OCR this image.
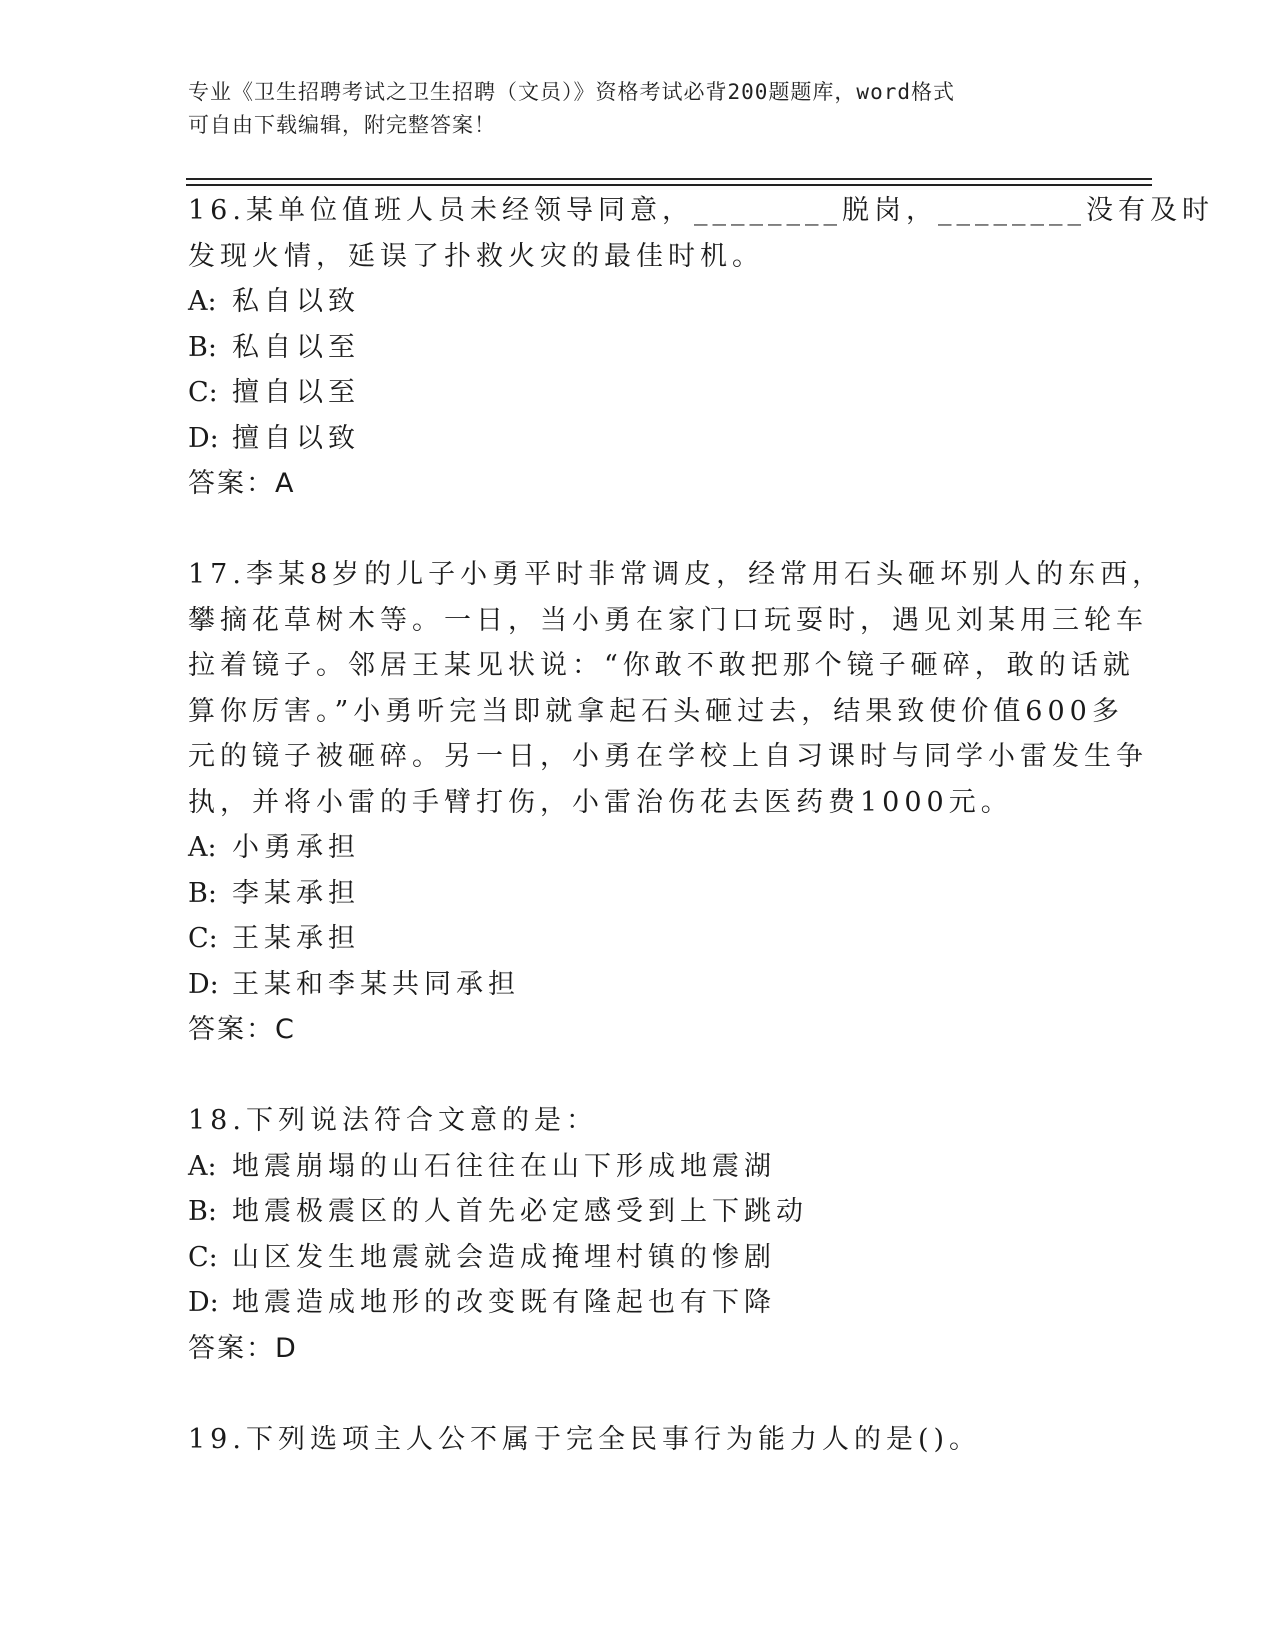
专业《卫生招聘考试之卫生招聘（文员）》资格考试必背200题题库，word格式
可自由下载编辑，附完整答案！
16.某单位值班人员未经领导同意，________脱岗，________没有及时
发现火情，延误了扑救火灾的最佳时机。
A: 私自以致
B: 私自以至
C: 擅自以至
D: 擅自以致
答案：A
17.李某8岁的儿子小勇平时非常调皮，经常用石头砸坏别人的东西，
攀摘花草树木等。一日，当小勇在家门口玩耍时，遇见刘某用三轮车
拉着镜子。邻居王某见状说：“你敢不敢把那个镜子砸碎，敢的话就
算你厉害。”小勇听完当即就拿起石头砸过去，结果致使价值600多
元的镜子被砸碎。另一日，小勇在学校上自习课时与同学小雷发生争
执，并将小雷的手臂打伤，小雷治伤花去医药费1000元。
A: 小勇承担
B: 李某承担
C: 王某承担
D: 王某和李某共同承担
答案：C
18.下列说法符合文意的是：
A: 地震崩塌的山石往往在山下形成地震湖
B: 地震极震区的人首先必定感受到上下跳动
C: 山区发生地震就会造成掩埋村镇的惨剧
D: 地震造成地形的改变既有隆起也有下降
答案：D
19.下列选项主人公不属于完全民事行为能力人的是()。
